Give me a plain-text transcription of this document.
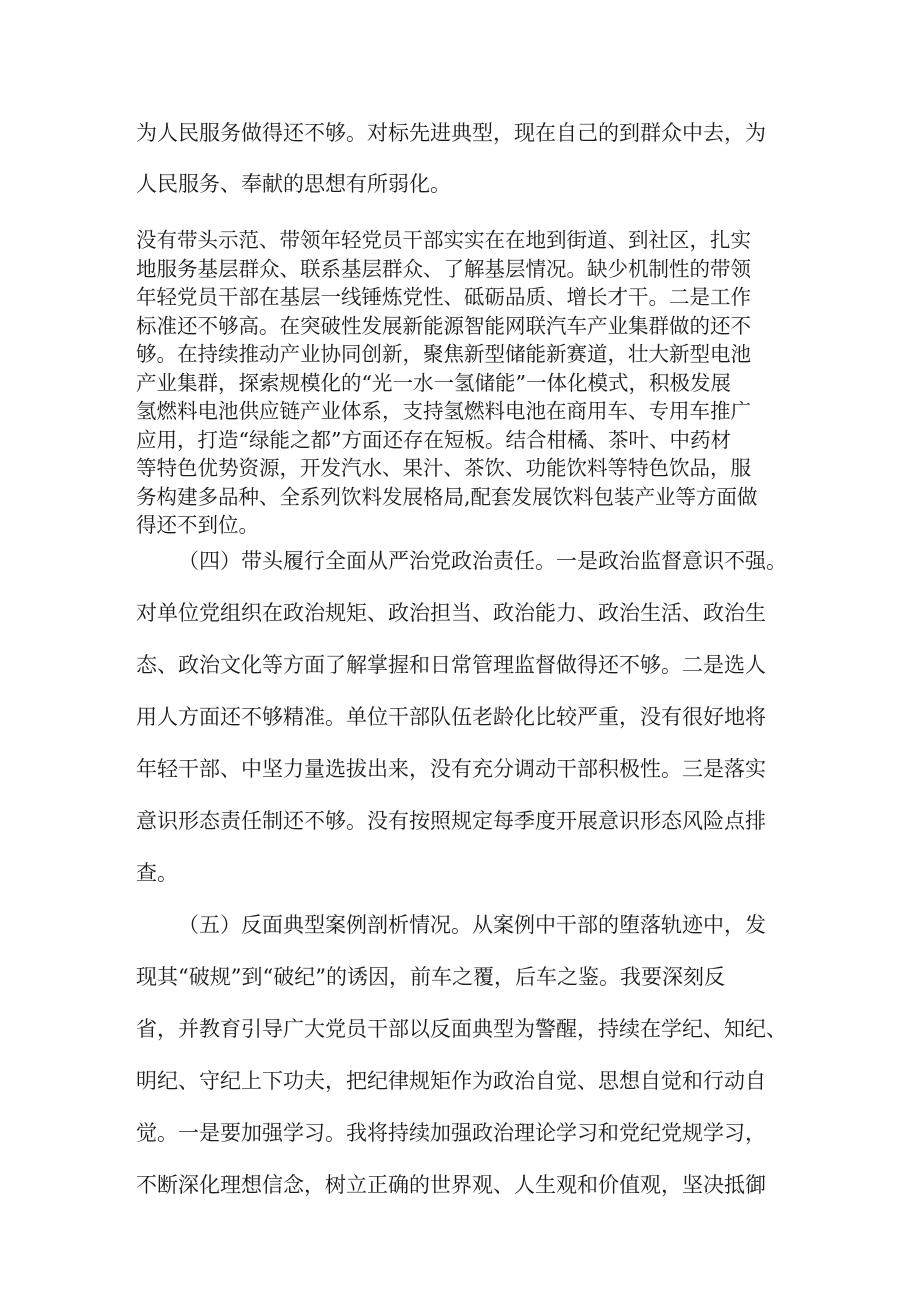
为人民服务做得还不够。对标先进典型，现在自己的到群众中去，为

人民服务、奉献的思想有所弱化。

没有带头示范、带领年轻党员干部实实在在地到街道、到社区，扎实

地服务基层群众、联系基层群众、了解基层情况。缺少机制性的带领

年轻党员干部在基层一线锤炼党性、砥砺品质、增长才干。二是工作

标准还不够高。在突破性发展新能源智能网联汽车产业集群做的还不

够。在持续推动产业协同创新，聚焦新型储能新赛道，壮大新型电池

产业集群，探索规模化的“光一水一氢储能”一体化模式，积极发展

氢燃料电池供应链产业体系，支持氢燃料电池在商用车、专用车推广

应用，打造“绿能之都”方面还存在短板。结合柑橘、茶叶、中药材

等特色优势资源，开发汽水、果汁、茶饮、功能饮料等特色饮品，服

务构建多品种、全系列饮料发展格局,配套发展饮料包装产业等方面做

得还不到位。

（四）带头履行全面从严治党政治责任。一是政治监督意识不强。

对单位党组织在政治规矩、政治担当、政治能力、政治生活、政治生

态、政治文化等方面了解掌握和日常管理监督做得还不够。二是选人

用人方面还不够精准。单位干部队伍老龄化比较严重，没有很好地将

年轻干部、中坚力量选拔出来，没有充分调动干部积极性。三是落实

意识形态责任制还不够。没有按照规定每季度开展意识形态风险点排

查。

（五）反面典型案例剖析情况。从案例中干部的堕落轨迹中，发

现其“破规”到“破纪”的诱因，前车之覆，后车之鉴。我要深刻反

省，并教育引导广大党员干部以反面典型为警醒，持续在学纪、知纪、

明纪、守纪上下功夫，把纪律规矩作为政治自觉、思想自觉和行动自

觉。一是要加强学习。我将持续加强政治理论学习和党纪党规学习，

不断深化理想信念，树立正确的世界观、人生观和价值观，坚决抵御
